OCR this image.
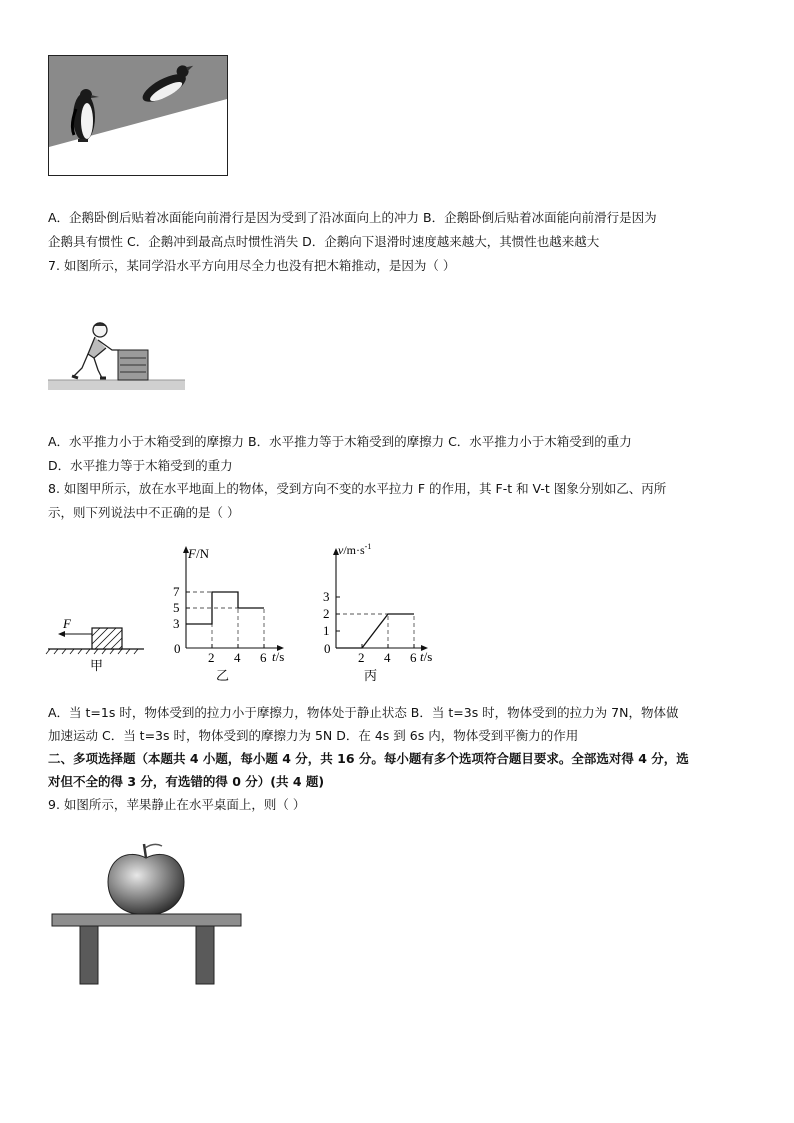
A．企鹅卧倒后贴着冰面能向前滑行是因为受到了沿冰面向上的冲力 B．企鹅卧倒后贴着冰面能向前滑行是因为
企鹅具有惯性 C．企鹅冲到最高点时惯性消失 D．企鹅向下退滑时速度越来越大，其惯性也越来越大
7. 如图所示，某同学沿水平方向用尽全力也没有把木箱推动，是因为（ ）
A．水平推力小于木箱受到的摩擦力 B．水平推力等于木箱受到的摩擦力 C．水平推力小于木箱受到的重力
D．水平推力等于木箱受到的重力
8. 如图甲所示，放在水平地面上的物体，受到方向不变的水平拉力 F 的作用，其 F-t 和 V-t 图象分别如乙、丙所
示，则下列说法中不正确的是（ ）
F
甲
2 4 6
3
5
7
0
F/N
t/s
乙
2 4 6
1
2
3
0
$v/m\cdot s^{-1}$
t/s
丙
A．当 t=1s 时，物体受到的拉力小于摩擦力，物体处于静止状态 B．当 t=3s 时，物体受到的拉力为 7N，物体做
加速运动 C．当 t=3s 时，物体受到的摩擦力为 5N D．在 4s 到 6s 内，物体受到平衡力的作用
二、多项选择题（本题共 4 小题，每小题 4 分，共 16 分。每小题有多个选项符合题目要求。全部选对得 4 分，选
对但不全的得 3 分，有选错的得 0 分）(共 4 题)
9. 如图所示，苹果静止在水平桌面上，则（ ）
